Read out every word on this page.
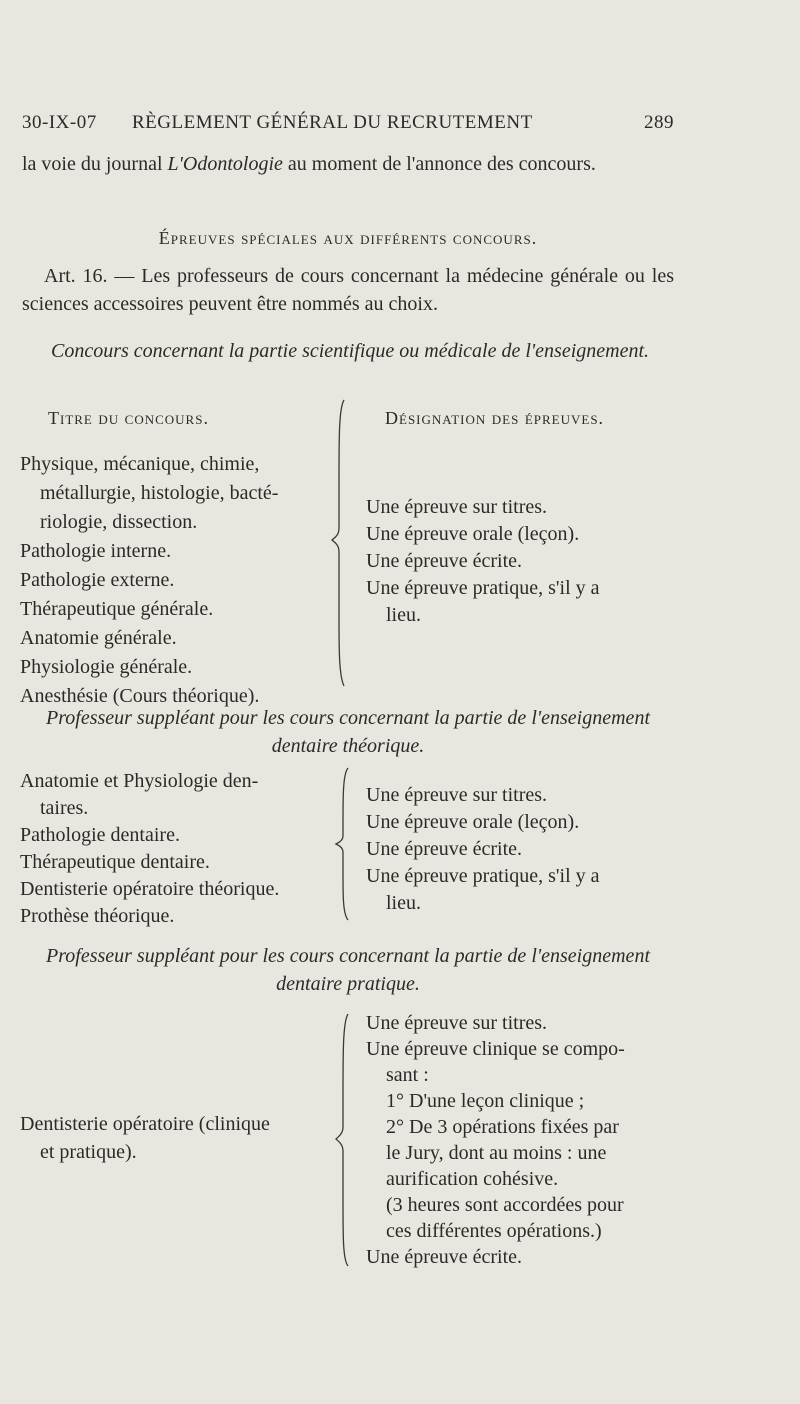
30-IX-07 RÈGLEMENT GÉNÉRAL DU RECRUTEMENT	289
la voie du journal L'Odontologie au moment de l'annonce des concours.
Épreuves spéciales aux différents concours.
Art. 16. — Les professeurs de cours concernant la médecine générale ou les sciences accessoires peuvent être nommés au choix.
Concours concernant la partie scientifique ou médicale de l'enseignement.
Titre du concours.	Désignation des épreuves.
Physique, mécanique, chimie,
métallurgie, histologie, bacté-
riologie, dissection.
Pathologie interne.
Pathologie externe.
Thérapeutique générale.
Anatomie générale.
Physiologie générale.
Anesthésie (Cours théorique).
Une épreuve sur titres.
Une épreuve orale (leçon).
Une épreuve écrite.
Une épreuve pratique, s'il y a
lieu.
Professeur suppléant pour les cours concernant la partie de l'enseignement dentaire théorique.
Anatomie et Physiologie den-
taires.
Pathologie dentaire.
Thérapeutique dentaire.
Dentisterie opératoire théorique.
Prothèse théorique.
Une épreuve sur titres.
Une épreuve orale (leçon).
Une épreuve écrite.
Une épreuve pratique, s'il y a
lieu.
Professeur suppléant pour les cours concernant la partie de l'enseignement dentaire pratique.
Dentisterie opératoire (clinique
et pratique).
Une épreuve sur titres.
Une épreuve clinique se compo-
sant :
1° D'une leçon clinique ;
2° De 3 opérations fixées par
le Jury, dont au moins : une
aurification cohésive.
(3 heures sont accordées pour
ces différentes opérations.)
Une épreuve écrite.
